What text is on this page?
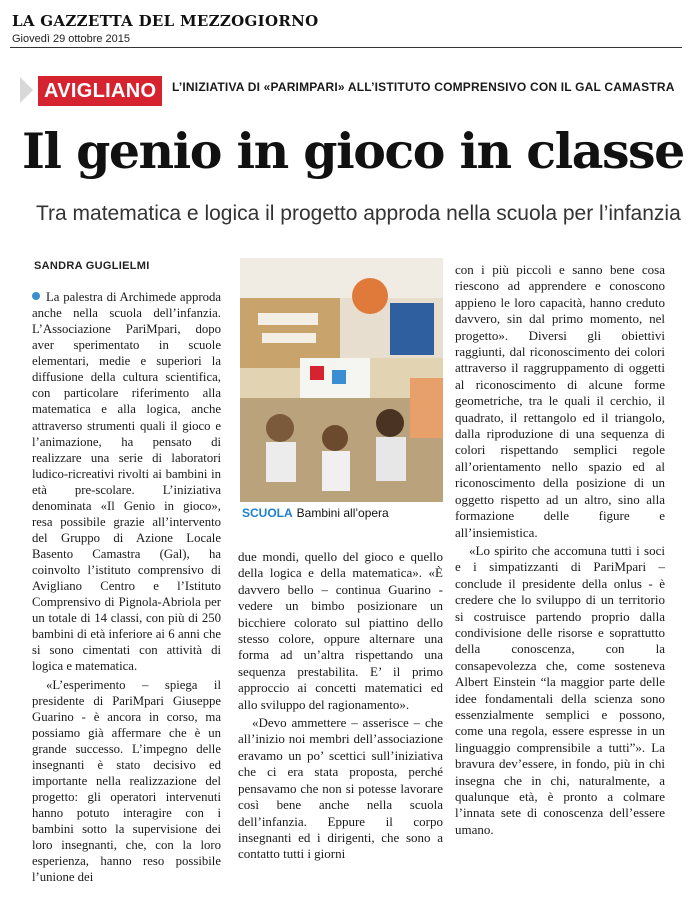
LA GAZZETTA DEL MEZZOGIORNO
Giovedì 29 ottobre 2015
AVIGLIANO	L’INIZIATIVA DI «PARIMPARI» ALL’ISTITUTO COMPRENSIVO CON IL GAL CAMASTRA
Il genio in gioco in classe
Tra matematica e logica il progetto approda nella scuola per l’infanzia
SANDRA GUGLIELMI

La palestra di Archimede approda anche nella scuola dell’infanzia. L’Associazione PariMpari, dopo aver sperimentato in scuole elementari, medie e superiori la diffusione della cultura scientifica, con particolare riferimento alla matematica e alla logica, anche attraverso strumenti quali il gioco e l’animazione, ha pensato di realizzare una serie di laboratori ludico-ricreativi rivolti ai bambini in età pre-scolare. L’iniziativa denominata «Il Genio in gioco», resa possibile grazie all’intervento del Gruppo di Azione Locale Basento Camastra (Gal), ha coinvolto l’istituto comprensivo di Avigliano Centro e l’Istituto Comprensivo di Pignola-Abriola per un totale di 14 classi, con più di 250 bambini di età inferiore ai 6 anni che si sono cimentati con attività di logica e matematica.

«L’esperimento – spiega il presidente di PariMpari Giuseppe Guarino - è ancora in corso, ma possiamo già affermare che è un grande successo. L’impegno delle insegnanti è stato decisivo ed importante nella realizzazione del progetto: gli operatori intervenuti hanno potuto interagire con i bambini sotto la supervisione dei loro insegnanti, che, con la loro esperienza, hanno reso possibile l’unione dei

SCUOLA Bambini all’opera

due mondi, quello del gioco e quello della logica e della matematica». «È davvero bello – continua Guarino - vedere un bimbo posizionare un bicchiere colorato sul piattino dello stesso colore, oppure alternare una forma ad un’altra rispettando una sequenza prestabilita. E’ il primo approccio ai concetti matematici ed allo sviluppo del ragionamento».

«Devo ammettere – asserisce – che all’inizio noi membri dell’associazione eravamo un po’ scettici sull’iniziativa che ci era stata proposta, perché pensavamo che non si potesse lavorare così bene anche nella scuola dell’infanzia. Eppure il corpo insegnanti ed i dirigenti, che sono a contatto tutti i giorni

con i più piccoli e sanno bene cosa riescono ad apprendere e conoscono appieno le loro capacità, hanno creduto davvero, sin dal primo momento, nel progetto». Diversi gli obiettivi raggiunti, dal riconoscimento dei colori attraverso il raggruppamento di oggetti al riconoscimento di alcune forme geometriche, tra le quali il cerchio, il quadrato, il rettangolo ed il triangolo, dalla riproduzione di una sequenza di colori rispettando semplici regole all’orientamento nello spazio ed al riconoscimento della posizione di un oggetto rispetto ad un altro, sino alla formazione delle figure e all’insiemistica.

«Lo spirito che accomuna tutti i soci e i simpatizzanti di PariMpari – conclude il presidente della onlus - è credere che lo sviluppo di un territorio si costruisce partendo proprio dalla condivisione delle risorse e soprattutto della conoscenza, con la consapevolezza che, come sosteneva Albert Einstein “la maggior parte delle idee fondamentali della scienza sono essenzialmente semplici e possono, come una regola, essere espresse in un linguaggio comprensibile a tutti”». La bravura dev’essere, in fondo, più in chi insegna che in chi, naturalmente, a qualunque età, è pronto a colmare l’innata sete di conoscenza dell’essere umano.
